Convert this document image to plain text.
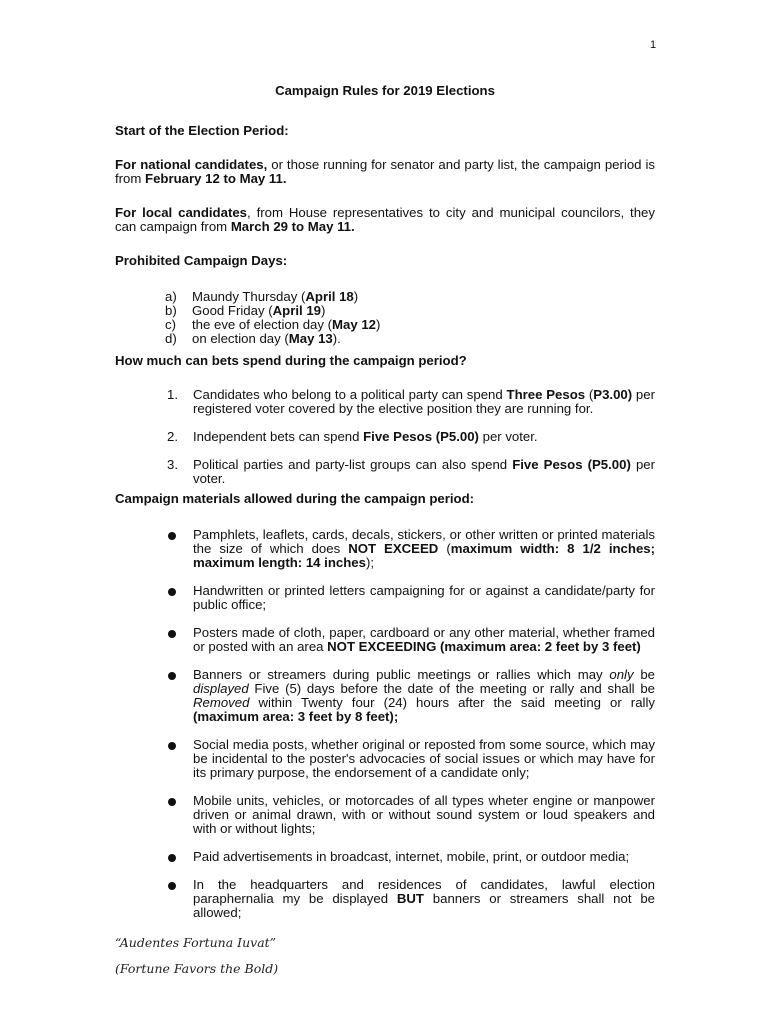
1

Campaign Rules for 2019 Elections

Start of the Election Period:

For national candidates, or those running for senator and party list, the campaign period is from February 12 to May 11.

For local candidates, from House representatives to city and municipal councilors, they can campaign from March 29 to May 11.

Prohibited Campaign Days:

a) Maundy Thursday (April 18)
b) Good Friday (April 19)
c) the eve of election day (May 12)
d) on election day (May 13).

How much can bets spend during the campaign period?

1. Candidates who belong to a political party can spend Three Pesos (P3.00) per registered voter covered by the elective position they are running for.
2. Independent bets can spend Five Pesos (P5.00) per voter.
3. Political parties and party-list groups can also spend Five Pesos (P5.00) per voter.

Campaign materials allowed during the campaign period:

Pamphlets, leaflets, cards, decals, stickers, or other written or printed materials the size of which does NOT EXCEED (maximum width: 8 1/2 inches; maximum length: 14 inches);
Handwritten or printed letters campaigning for or against a candidate/party for public office;
Posters made of cloth, paper, cardboard or any other material, whether framed or posted with an area NOT EXCEEDING (maximum area: 2 feet by 3 feet)
Banners or streamers during public meetings or rallies which may only be displayed Five (5) days before the date of the meeting or rally and shall be Removed within Twenty four (24) hours after the said meeting or rally (maximum area: 3 feet by 8 feet);
Social media posts, whether original or reposted from some source, which may be incidental to the poster's advocacies of social issues or which may have for its primary purpose, the endorsement of a candidate only;
Mobile units, vehicles, or motorcades of all types wheter engine or manpower driven or animal drawn, with or without sound system or loud speakers and with or without lights;
Paid advertisements in broadcast, internet, mobile, print, or outdoor media;
In the headquarters and residences of candidates, lawful election paraphernalia my be displayed BUT banners or streamers shall not be allowed;
“Audentes Fortuna Iuvat”
(Fortune Favors the Bold)
